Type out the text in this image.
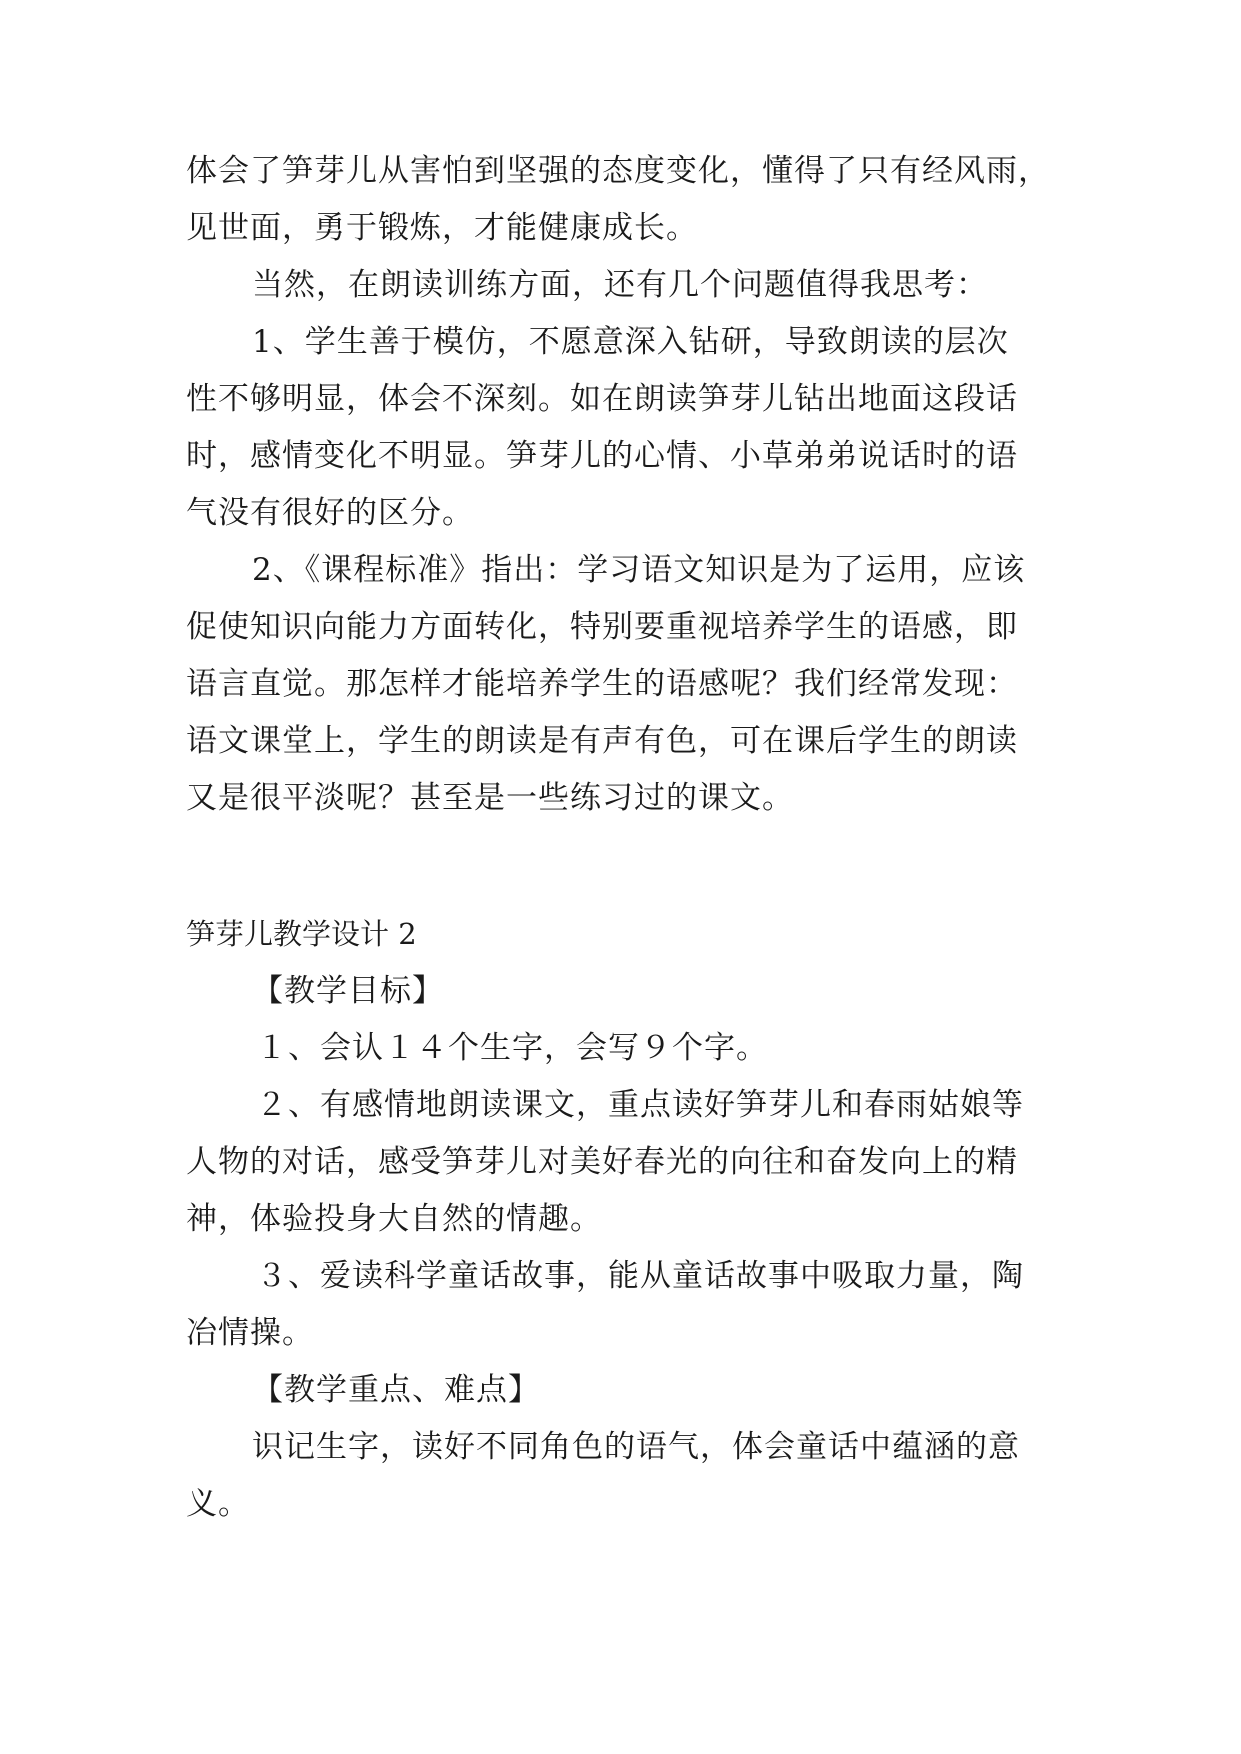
体会了笋芽儿从害怕到坚强的态度变化，懂得了只有经风雨，
见世面，勇于锻炼，才能健康成长。
当然，在朗读训练方面，还有几个问题值得我思考：
1、学生善于模仿，不愿意深入钻研，导致朗读的层次
性不够明显，体会不深刻。如在朗读笋芽儿钻出地面这段话
时，感情变化不明显。笋芽儿的心情、小草弟弟说话时的语
气没有很好的区分。
2、《课程标准》指出：学习语文知识是为了运用，应该
促使知识向能力方面转化，特别要重视培养学生的语感，即
语言直觉。那怎样才能培养学生的语感呢？我们经常发现：
语文课堂上，学生的朗读是有声有色，可在课后学生的朗读
又是很平淡呢？甚至是一些练习过的课文。
笋芽儿教学设计 2
【教学目标】
１、会认１４个生字，会写９个字。
２、有感情地朗读课文，重点读好笋芽儿和春雨姑娘等
人物的对话，感受笋芽儿对美好春光的向往和奋发向上的精
神，体验投身大自然的情趣。
３、爱读科学童话故事，能从童话故事中吸取力量，陶
冶情操。
【教学重点、难点】
识记生字，读好不同角色的语气，体会童话中蕴涵的意
义。
